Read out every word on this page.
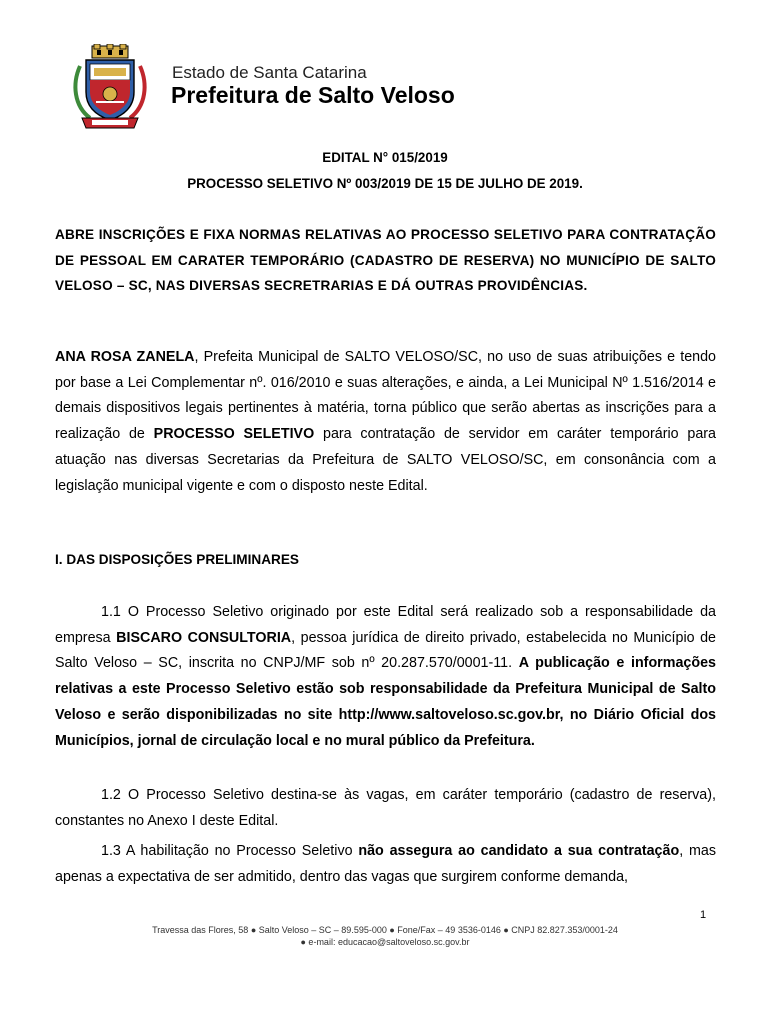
Estado de Santa Catarina
Prefeitura de Salto Veloso
EDITAL N° 015/2019
PROCESSO SELETIVO Nº 003/2019 DE 15 DE JULHO DE 2019.
ABRE INSCRIÇÕES E FIXA NORMAS RELATIVAS AO PROCESSO SELETIVO PARA CONTRATAÇÃO DE PESSOAL EM CARATER TEMPORÁRIO (CADASTRO DE RESERVA) NO MUNICÍPIO DE SALTO VELOSO – SC, NAS DIVERSAS SECRETRARIAS E DÁ OUTRAS PROVIDÊNCIAS.
ANA ROSA ZANELA, Prefeita Municipal de SALTO VELOSO/SC, no uso de suas atribuições e tendo por base a Lei Complementar nº. 016/2010 e suas alterações, e ainda, a Lei Municipal Nº 1.516/2014 e demais dispositivos legais pertinentes à matéria, torna público que serão abertas as inscrições para a realização de PROCESSO SELETIVO para contratação de servidor em caráter temporário para atuação nas diversas Secretarias da Prefeitura de SALTO VELOSO/SC, em consonância com a legislação municipal vigente e com o disposto neste Edital.
I. DAS DISPOSIÇÕES PRELIMINARES
1.1 O Processo Seletivo originado por este Edital será realizado sob a responsabilidade da empresa BISCARO CONSULTORIA, pessoa jurídica de direito privado, estabelecida no Município de Salto Veloso – SC, inscrita no CNPJ/MF sob nº 20.287.570/0001-11. A publicação e informações relativas a este Processo Seletivo estão sob responsabilidade da Prefeitura Municipal de Salto Veloso e serão disponibilizadas no site http://www.saltoveloso.sc.gov.br, no Diário Oficial dos Municípios, jornal de circulação local e no mural público da Prefeitura.
1.2 O Processo Seletivo destina-se às vagas, em caráter temporário (cadastro de reserva), constantes no Anexo I deste Edital.
1.3 A habilitação no Processo Seletivo não assegura ao candidato a sua contratação, mas apenas a expectativa de ser admitido, dentro das vagas que surgirem conforme demanda,
1
Travessa das Flores, 58 ● Salto Veloso – SC – 89.595-000 ● Fone/Fax – 49 3536-0146 ● CNPJ 82.827.353/0001-24
● e-mail: educacao@saltoveloso.sc.gov.br
